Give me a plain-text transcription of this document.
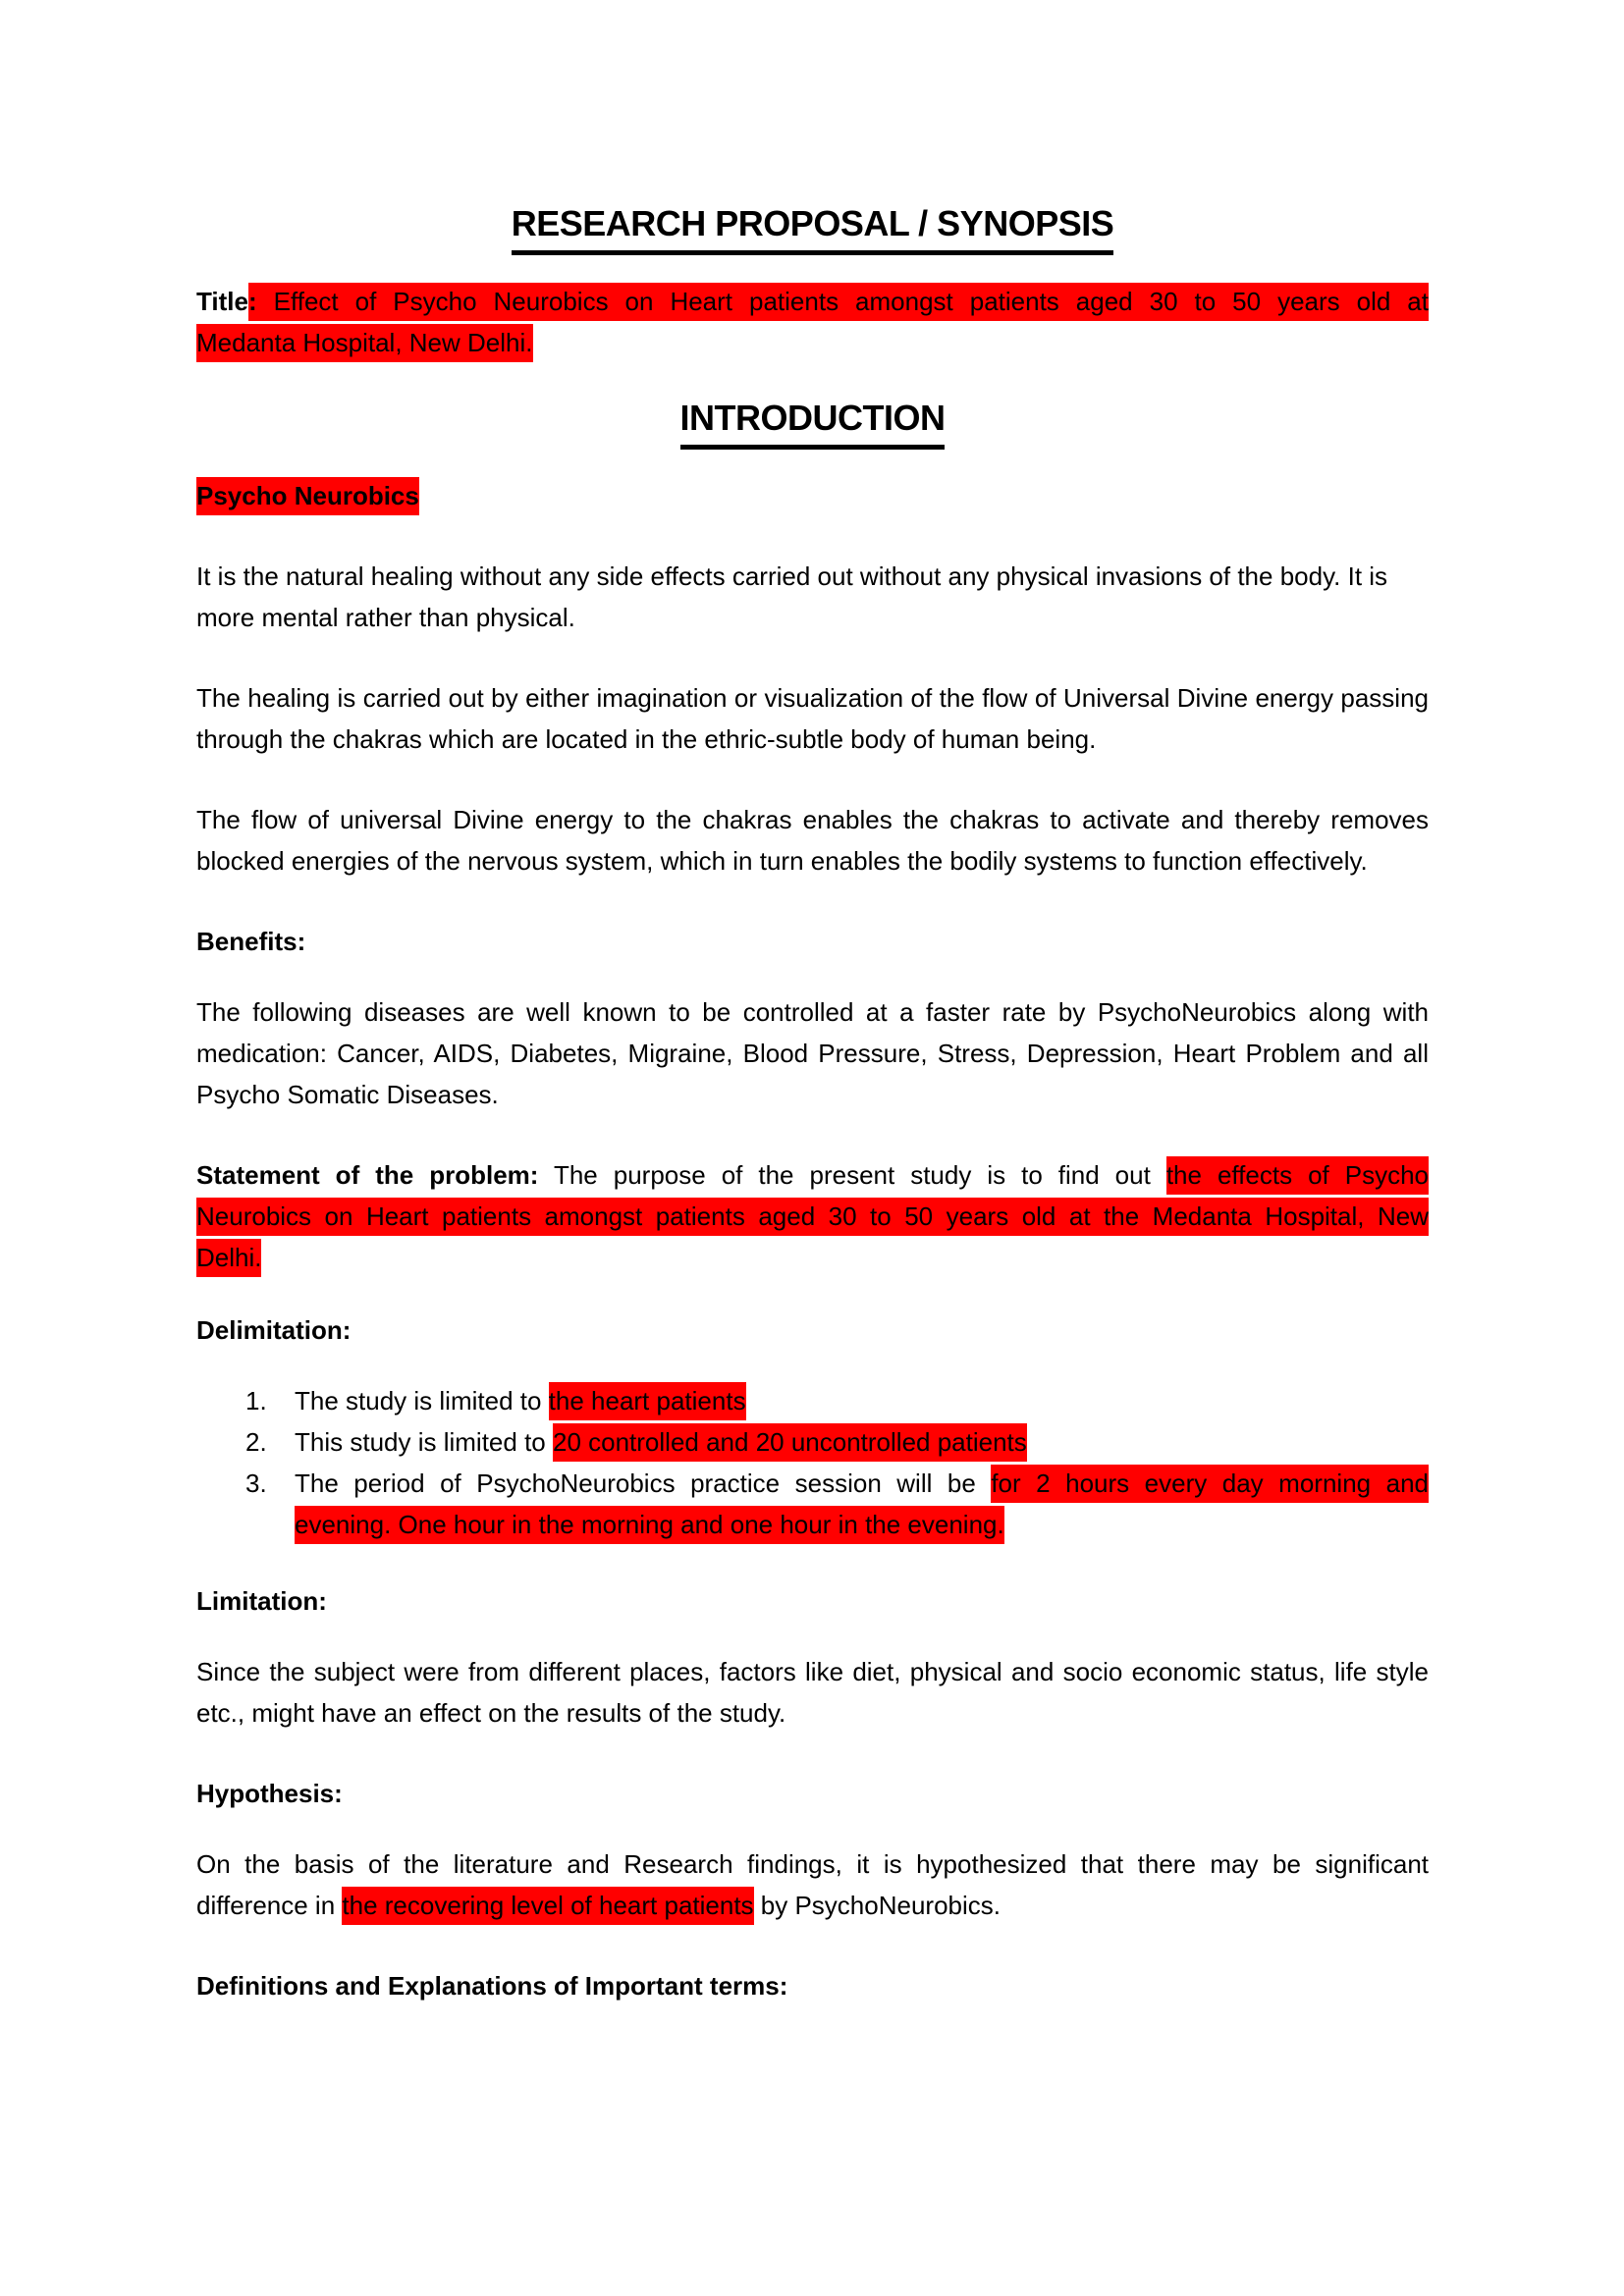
RESEARCH PROPOSAL / SYNOPSIS
Title: Effect of Psycho Neurobics on Heart patients amongst patients aged 30 to 50 years old at
Medanta Hospital, New Delhi.
INTRODUCTION
Psycho Neurobics
It is the natural healing without any side effects carried out without any physical invasions of the body. It is more mental rather than physical.
The healing is carried out by either imagination or visualization of the flow of Universal Divine energy passing through the chakras which are located in the ethric-subtle body of human being.
The flow of universal Divine energy to the chakras enables the chakras to activate and thereby removes blocked energies of the nervous system, which in turn enables the bodily systems to function effectively.
Benefits:
The following diseases are well known to be controlled at a faster rate by PsychoNeurobics along with medication: Cancer, AIDS, Diabetes, Migraine, Blood Pressure, Stress, Depression, Heart Problem and all Psycho Somatic Diseases.
Statement of the problem: The purpose of the present study is to find out the effects of Psycho
Neurobics on Heart patients amongst patients aged 30 to 50 years old at the Medanta Hospital, New
Delhi.
Delimitation:
1. The study is limited to the heart patients
2. This study is limited to 20 controlled and 20 uncontrolled patients
3. The period of PsychoNeurobics practice session will be for 2 hours every day morning and
evening. One hour in the morning and one hour in the evening.
Limitation:
Since the subject were from different places, factors like diet, physical and socio economic status, life style etc., might have an effect on the results of the study.
Hypothesis:
On the basis of the literature and Research findings, it is hypothesized that there may be significant difference in the recovering level of heart patients by PsychoNeurobics.
Definitions and Explanations of Important terms:
